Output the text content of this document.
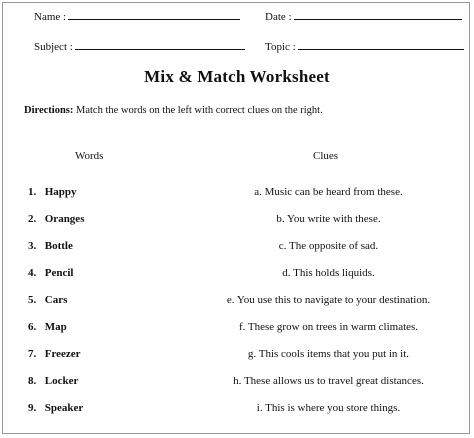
Name :	Date :
Subject :	Topic :
Mix & Match Worksheet
Directions: Match the words on the left with correct clues on the right.
Words	Clues
1. Happy	a. Music can be heard from these.
2. Oranges	b. You write with these.
3. Bottle	c. The opposite of sad.
4. Pencil	d. This holds liquids.
5. Cars	e. You use this to navigate to your destination.
6. Map	f. These grow on trees in warm climates.
7. Freezer	g. This cools items that you put in it.
8. Locker	h. These allows us to travel great distances.
9. Speaker	i. This is where you store things.
